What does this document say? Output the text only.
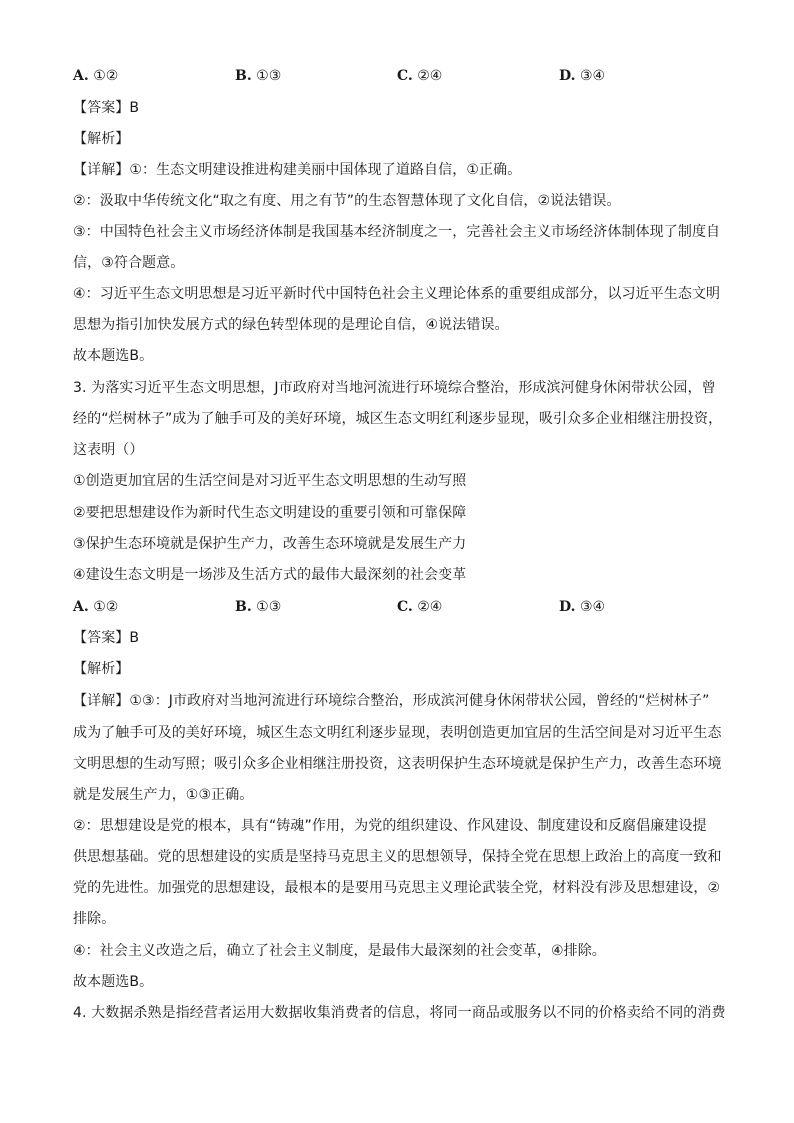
A. ①②	B. ①③	C. ②④	D. ③④
【答案】B
【解析】
【详解】①：生态文明建设推进构建美丽中国体现了道路自信，①正确。
②：汲取中华传统文化“取之有度、用之有节”的生态智慧体现了文化自信，②说法错误。
③：中国特色社会主义市场经济体制是我国基本经济制度之一，完善社会主义市场经济体制体现了制度自
信，③符合题意。
④：习近平生态文明思想是习近平新时代中国特色社会主义理论体系的重要组成部分，以习近平生态文明
思想为指引加快发展方式的绿色转型体现的是理论自信，④说法错误。
故本题选B。
3. 为落实习近平生态文明思想，J市政府对当地河流进行环境综合整治，形成滨河健身休闲带状公园，曾
经的“烂树林子”成为了触手可及的美好环境，城区生态文明红利逐步显现，吸引众多企业相继注册投资，
这表明（）
①创造更加宜居的生活空间是对习近平生态文明思想的生动写照
②要把思想建设作为新时代生态文明建设的重要引领和可靠保障
③保护生态环境就是保护生产力，改善生态环境就是发展生产力
④建设生态文明是一场涉及生活方式的最伟大最深刻的社会变革
A. ①②	B. ①③	C. ②④	D. ③④
【答案】B
【解析】
【详解】①③：J市政府对当地河流进行环境综合整治，形成滨河健身休闲带状公园，曾经的“烂树林子”
成为了触手可及的美好环境，城区生态文明红利逐步显现，表明创造更加宜居的生活空间是对习近平生态
文明思想的生动写照；吸引众多企业相继注册投资，这表明保护生态环境就是保护生产力，改善生态环境
就是发展生产力，①③正确。
②：思想建设是党的根本，具有“铸魂”作用，为党的组织建设、作风建设、制度建设和反腐倡廉建设提
供思想基础。党的思想建设的实质是坚持马克思主义的思想领导，保持全党在思想上政治上的高度一致和
党的先进性。加强党的思想建设，最根本的是要用马克思主义理论武装全党，材料没有涉及思想建设，②
排除。
④：社会主义改造之后，确立了社会主义制度，是最伟大最深刻的社会变革，④排除。
故本题选B。
4. 大数据杀熟是指经营者运用大数据收集消费者的信息，将同一商品或服务以不同的价格卖给不同的消费
